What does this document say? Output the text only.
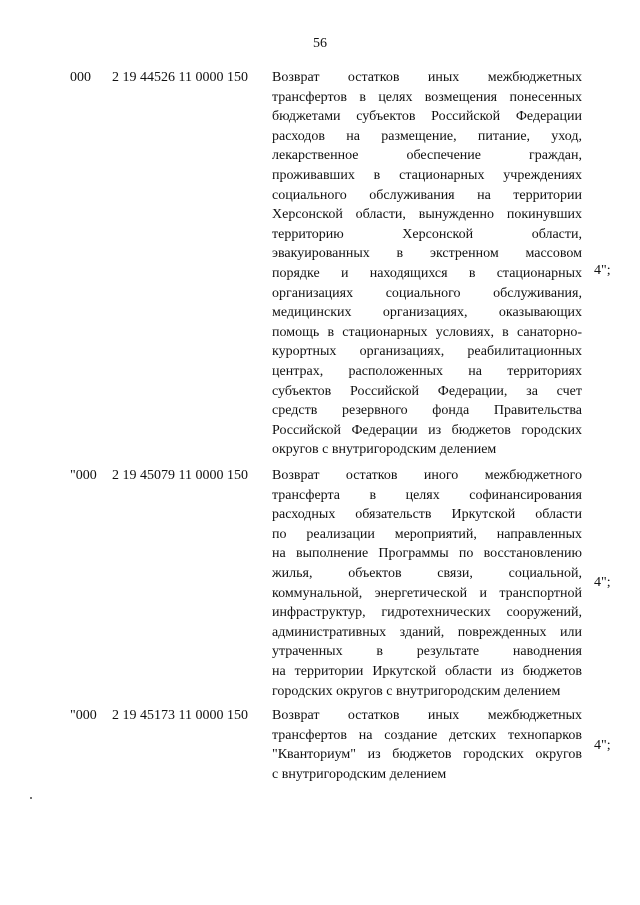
56
000 2 19 44526 11 0000 150 Возврат остатков иных межбюджетных
трансфертов в целях возмещения понесенных
бюджетами субъектов Российской Федерации
расходов на размещение, питание, уход,
лекарственное обеспечение граждан,
проживавших в стационарных учреждениях
социального обслуживания на территории
Херсонской области, вынужденно покинувших
территорию Херсонской области,
эвакуированных в экстренном массовом
порядке и находящихся в стационарных
организациях социального обслуживания,
медицинских организациях, оказывающих
помощь в стационарных условиях, в санаторно-
курортных организациях, реабилитационных
центрах, расположенных на территориях
субъектов Российской Федерации, за счет
средств резервного фонда Правительства
Российской Федерации из бюджетов городских
округов с внутригородским делением
4";
"000 2 19 45079 11 0000 150 Возврат остатков иного межбюджетного
трансферта в целях софинансирования
расходных обязательств Иркутской области
по реализации мероприятий, направленных
на выполнение Программы по восстановлению
жилья, объектов связи, социальной,
коммунальной, энергетической и транспортной
инфраструктур, гидротехнических сооружений,
административных зданий, поврежденных или
утраченных в результате наводнения
на территории Иркутской области из бюджетов
городских округов с внутригородским делением
4";
"000 2 19 45173 11 0000 150 Возврат остатков иных межбюджетных
трансфертов на создание детских технопарков
"Кванториум" из бюджетов городских округов
с внутригородским делением
4";
